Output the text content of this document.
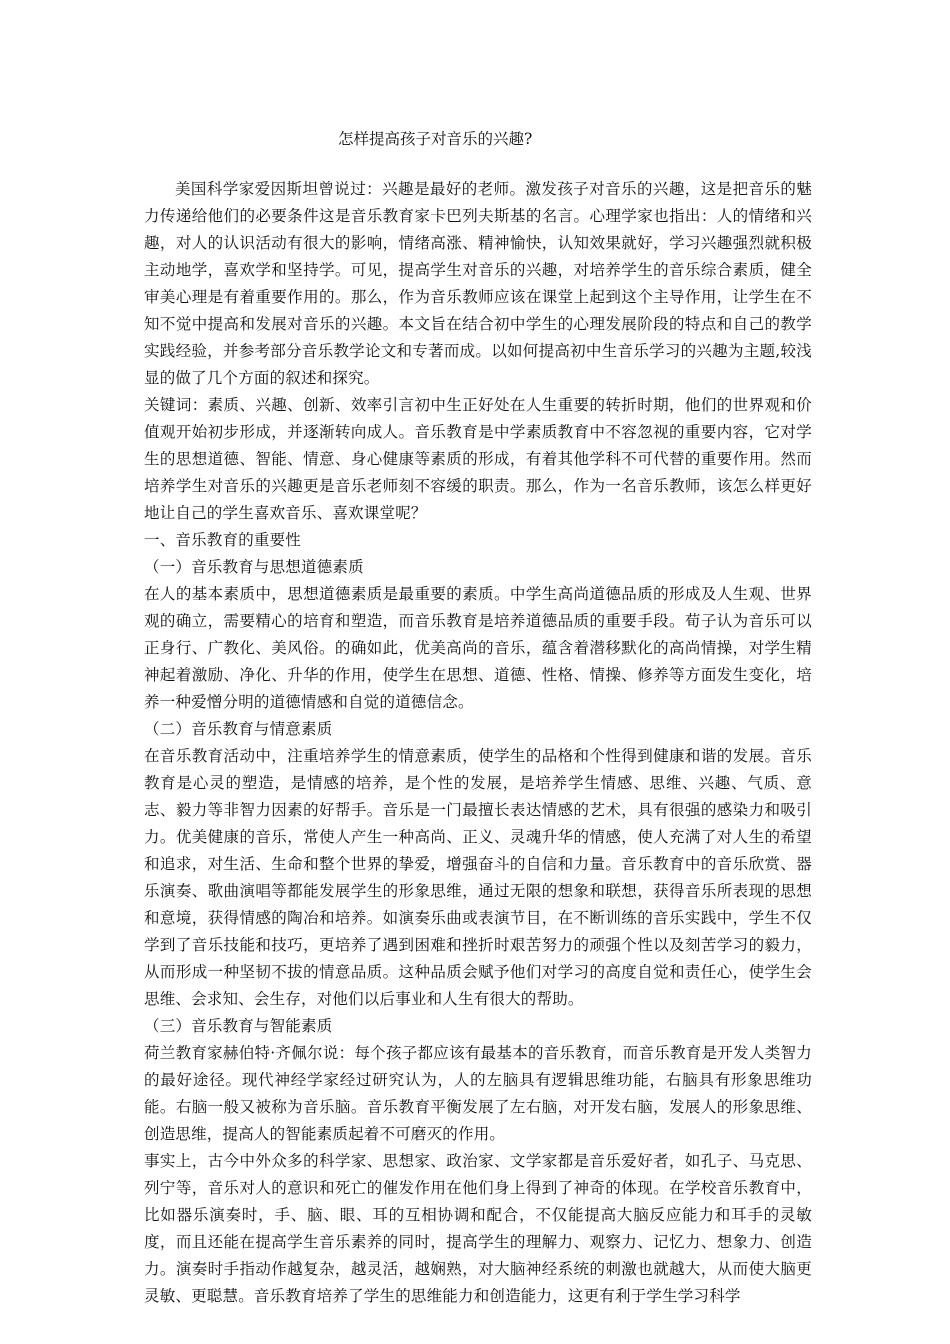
怎样提高孩子对音乐的兴趣?

美国科学家爱因斯坦曾说过：兴趣是最好的老师。激发孩子对音乐的兴趣，这是把音乐的魅力传递给他们的必要条件这是音乐教育家卡巴列夫斯基的名言。心理学家也指出：人的情绪和兴趣，对人的认识活动有很大的影响，情绪高涨、精神愉快，认知效果就好，学习兴趣强烈就积极主动地学，喜欢学和坚持学。可见，提高学生对音乐的兴趣，对培养学生的音乐综合素质，健全审美心理是有着重要作用的。那么，作为音乐教师应该在课堂上起到这个主导作用，让学生在不知不觉中提高和发展对音乐的兴趣。本文旨在结合初中学生的心理发展阶段的特点和自己的教学实践经验，并参考部分音乐教学论文和专著而成。以如何提高初中生音乐学习的兴趣为主题,较浅显的做了几个方面的叙述和探究。

关键词：素质、兴趣、创新、效率引言初中生正好处在人生重要的转折时期，他们的世界观和价值观开始初步形成，并逐渐转向成人。音乐教育是中学素质教育中不容忽视的重要内容，它对学生的思想道德、智能、情意、身心健康等素质的形成，有着其他学科不可代替的重要作用。然而培养学生对音乐的兴趣更是音乐老师刻不容缓的职责。那么，作为一名音乐教师，该怎么样更好地让自己的学生喜欢音乐、喜欢课堂呢？

一、音乐教育的重要性

（一）音乐教育与思想道德素质

在人的基本素质中，思想道德素质是最重要的素质。中学生高尚道德品质的形成及人生观、世界观的确立，需要精心的培育和塑造，而音乐教育是培养道德品质的重要手段。荀子认为音乐可以正身行、广教化、美风俗。的确如此，优美高尚的音乐，蕴含着潜移默化的高尚情操，对学生精神起着激励、净化、升华的作用，使学生在思想、道德、性格、情操、修养等方面发生变化，培养一种爱憎分明的道德情感和自觉的道德信念。

（二）音乐教育与情意素质

在音乐教育活动中，注重培养学生的情意素质，使学生的品格和个性得到健康和谐的发展。音乐教育是心灵的塑造，是情感的培养，是个性的发展，是培养学生情感、思维、兴趣、气质、意志、毅力等非智力因素的好帮手。音乐是一门最擅长表达情感的艺术，具有很强的感染力和吸引力。优美健康的音乐，常使人产生一种高尚、正义、灵魂升华的情感，使人充满了对人生的希望和追求，对生活、生命和整个世界的挚爱，增强奋斗的自信和力量。音乐教育中的音乐欣赏、器乐演奏、歌曲演唱等都能发展学生的形象思维，通过无限的想象和联想，获得音乐所表现的思想和意境，获得情感的陶冶和培养。如演奏乐曲或表演节目，在不断训练的音乐实践中，学生不仅学到了音乐技能和技巧，更培养了遇到困难和挫折时艰苦努力的顽强个性以及刻苦学习的毅力，从而形成一种坚韧不拔的情意品质。这种品质会赋予他们对学习的高度自觉和责任心，使学生会思维、会求知、会生存，对他们以后事业和人生有很大的帮助。

（三）音乐教育与智能素质

荷兰教育家赫伯特·齐佩尔说：每个孩子都应该有最基本的音乐教育，而音乐教育是开发人类智力的最好途径。现代神经学家经过研究认为，人的左脑具有逻辑思维功能，右脑具有形象思维功能。右脑一般又被称为音乐脑。音乐教育平衡发展了左右脑，对开发右脑，发展人的形象思维、创造思维，提高人的智能素质起着不可磨灭的作用。

事实上，古今中外众多的科学家、思想家、政治家、文学家都是音乐爱好者，如孔子、马克思、列宁等，音乐对人的意识和死亡的催发作用在他们身上得到了神奇的体现。在学校音乐教育中，比如器乐演奏时，手、脑、眼、耳的互相协调和配合，不仅能提高大脑反应能力和耳手的灵敏度，而且还能在提高学生音乐素养的同时，提高学生的理解力、观察力、记忆力、想象力、创造力。演奏时手指动作越复杂，越灵活，越娴熟，对大脑神经系统的刺激也就越大，从而使大脑更灵敏、更聪慧。音乐教育培养了学生的思维能力和创造能力，这更有利于学生学习科学
